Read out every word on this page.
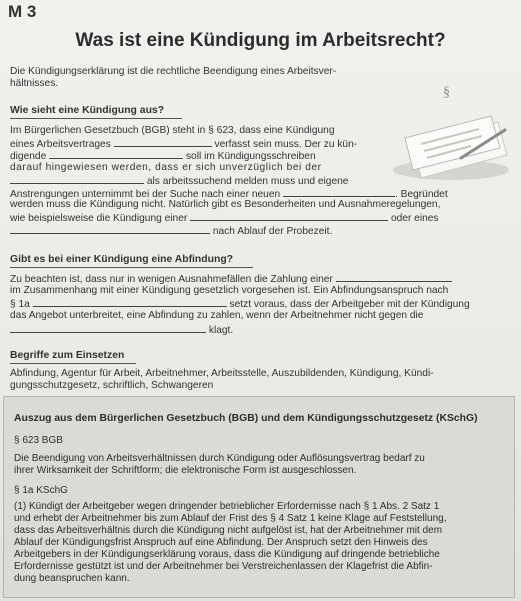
M 3
Was ist eine Kündigung im Arbeitsrecht?
§
Die Kündigungserklärung ist die rechtliche Beendigung eines Arbeitsver-
hältnisses.
Wie sieht eine Kündigung aus?
Im Bürgerlichen Gesetzbuch (BGB) steht in § 623, dass eine Kündigung
eines Arbeitsvertrages	verfasst sein muss. Der zu kün-
digende	soll im Kündigungsschreiben
darauf hingewiesen werden, dass er sich unverzüglich bei der
als arbeitssuchend melden muss und eigene
Anstrengungen unternimmt bei der Suche nach einer neuen	. Begründet
werden muss die Kündigung nicht. Natürlich gibt es Besonderheiten und Ausnahmeregelungen,
wie beispielsweise die Kündigung einer	oder eines
nach Ablauf der Probezeit.
Gibt es bei einer Kündigung eine Abfindung?
Zu beachten ist, dass nur in wenigen Ausnahmefällen die Zahlung einer
im Zusammenhang mit einer Kündigung gesetzlich vorgesehen ist. Ein Abfindungsanspruch nach
§ 1a	setzt voraus, dass der Arbeitgeber mit der Kündigung
das Angebot unterbreitet, eine Abfindung zu zahlen, wenn der Arbeitnehmer nicht gegen die
klagt.
Begriffe zum Einsetzen
Abfindung, Agentur für Arbeit, Arbeitnehmer, Arbeitsstelle, Auszubildenden, Kündigung, Kündi-
gungsschutzgesetz, schriftlich, Schwangeren
Auszug aus dem Bürgerlichen Gesetzbuch (BGB) und dem Kündigungsschutzgesetz (KSchG)
§ 623 BGB
Die Beendigung von Arbeitsverhältnissen durch Kündigung oder Auflösungsvertrag bedarf zu
ihrer Wirksamkeit der Schriftform; die elektronische Form ist ausgeschlossen.
§ 1a KSchG
(1) Kündigt der Arbeitgeber wegen dringender betrieblicher Erfordernisse nach § 1 Abs. 2 Satz 1
und erhebt der Arbeitnehmer bis zum Ablauf der Frist des § 4 Satz 1 keine Klage auf Feststellung,
dass das Arbeitsverhältnis durch die Kündigung nicht aufgelöst ist, hat der Arbeitnehmer mit dem
Ablauf der Kündigungsfrist Anspruch auf eine Abfindung. Der Anspruch setzt den Hinweis des
Arbeitgebers in der Kündigungserklärung voraus, dass die Kündigung auf dringende betriebliche
Erfordernisse gestützt ist und der Arbeitnehmer bei Verstreichenlassen der Klagefrist die Abfin-
dung beanspruchen kann.
